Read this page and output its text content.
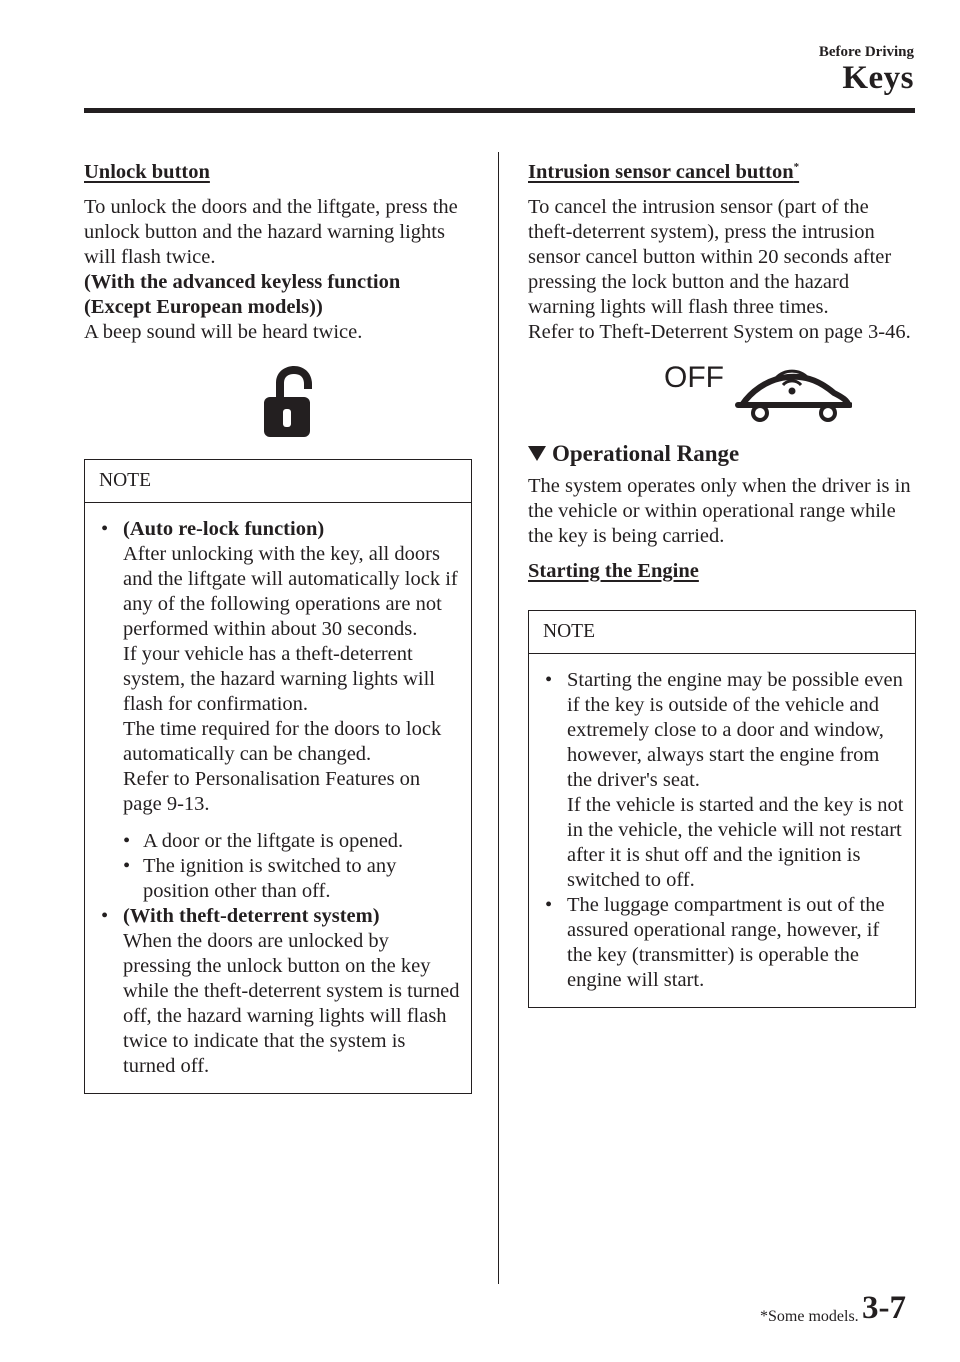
Before Driving
Keys
Unlock button

To unlock the doors and the liftgate, press the unlock button and the hazard warning lights will flash twice.

(With the advanced keyless function (Except European models))

A beep sound will be heard twice.

NOTE
• (Auto re-lock function)

After unlocking with the key, all doors and the liftgate will automatically lock if any of the following operations are not performed within about 30 seconds.

If your vehicle has a theft-deterrent system, the hazard warning lights will flash for confirmation.

The time required for the doors to lock automatically can be changed.

Refer to Personalisation Features on page 9-13.

• A door or the liftgate is opened.
• The ignition is switched to any position other than off.
• (With theft-deterrent system)

When the doors are unlocked by pressing the unlock button on the key while the theft-deterrent system is turned off, the hazard warning lights will flash twice to indicate that the system is turned off.

Intrusion sensor cancel button*

To cancel the intrusion sensor (part of the theft-deterrent system), press the intrusion sensor cancel button within 20 seconds after pressing the lock button and the hazard warning lights will flash three times.

Refer to Theft-Deterrent System on page 3-46.

OFF
Operational Range

The system operates only when the driver is in the vehicle or within operational range while the key is being carried.

Starting the Engine
NOTE
• Starting the engine may be possible even if the key is outside of the vehicle and extremely close to a door and window, however, always start the engine from the driver's seat.

If the vehicle is started and the key is not in the vehicle, the vehicle will not restart after it is shut off and the ignition is switched to off.

• The luggage compartment is out of the assured operational range, however, if the key (transmitter) is operable the engine will start.

*Some models. 3-7
